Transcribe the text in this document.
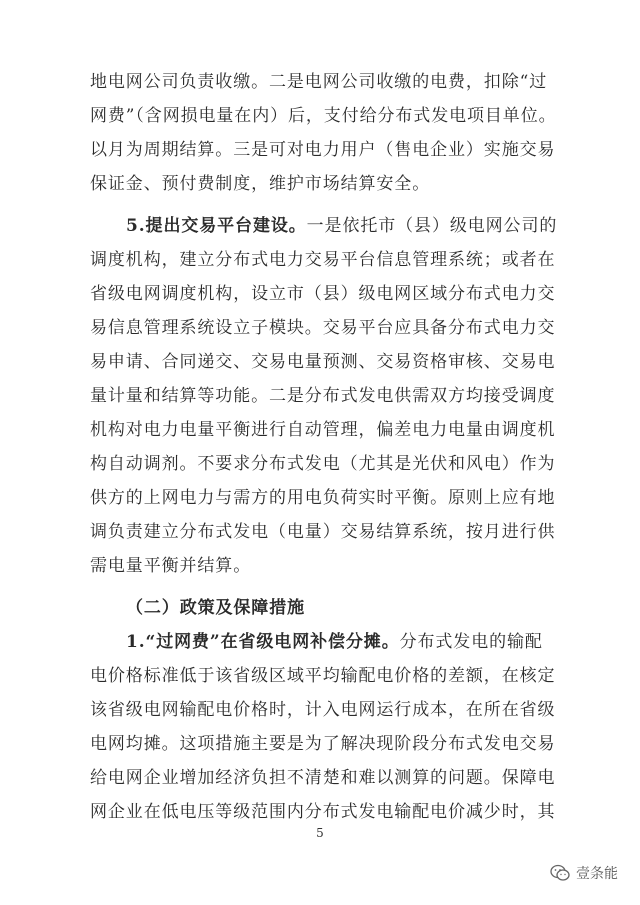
地电网公司负责收缴。二是电网公司收缴的电费，扣除“过
网费”（含网损电量在内）后，支付给分布式发电项目单位。
以月为周期结算。三是可对电力用户（售电企业）实施交易
保证金、预付费制度，维护市场结算安全。
5.提出交易平台建设。一是依托市（县）级电网公司的
调度机构，建立分布式电力交易平台信息管理系统；或者在
省级电网调度机构，设立市（县）级电网区域分布式电力交
易信息管理系统设立子模块。交易平台应具备分布式电力交
易申请、合同递交、交易电量预测、交易资格审核、交易电
量计量和结算等功能。二是分布式发电供需双方均接受调度
机构对电力电量平衡进行自动管理，偏差电力电量由调度机
构自动调剂。不要求分布式发电（尤其是光伏和风电）作为
供方的上网电力与需方的用电负荷实时平衡。原则上应有地
调负责建立分布式发电（电量）交易结算系统，按月进行供
需电量平衡并结算。
（二）政策及保障措施
1.“过网费”在省级电网补偿分摊。分布式发电的输配
电价格标准低于该省级区域平均输配电价格的差额，在核定
该省级电网输配电价格时，计入电网运行成本，在所在省级
电网均摊。这项措施主要是为了解决现阶段分布式发电交易
给电网企业增加经济负担不清楚和难以测算的问题。保障电
网企业在低电压等级范围内分布式发电输配电价减少时，其
5
壹条能
